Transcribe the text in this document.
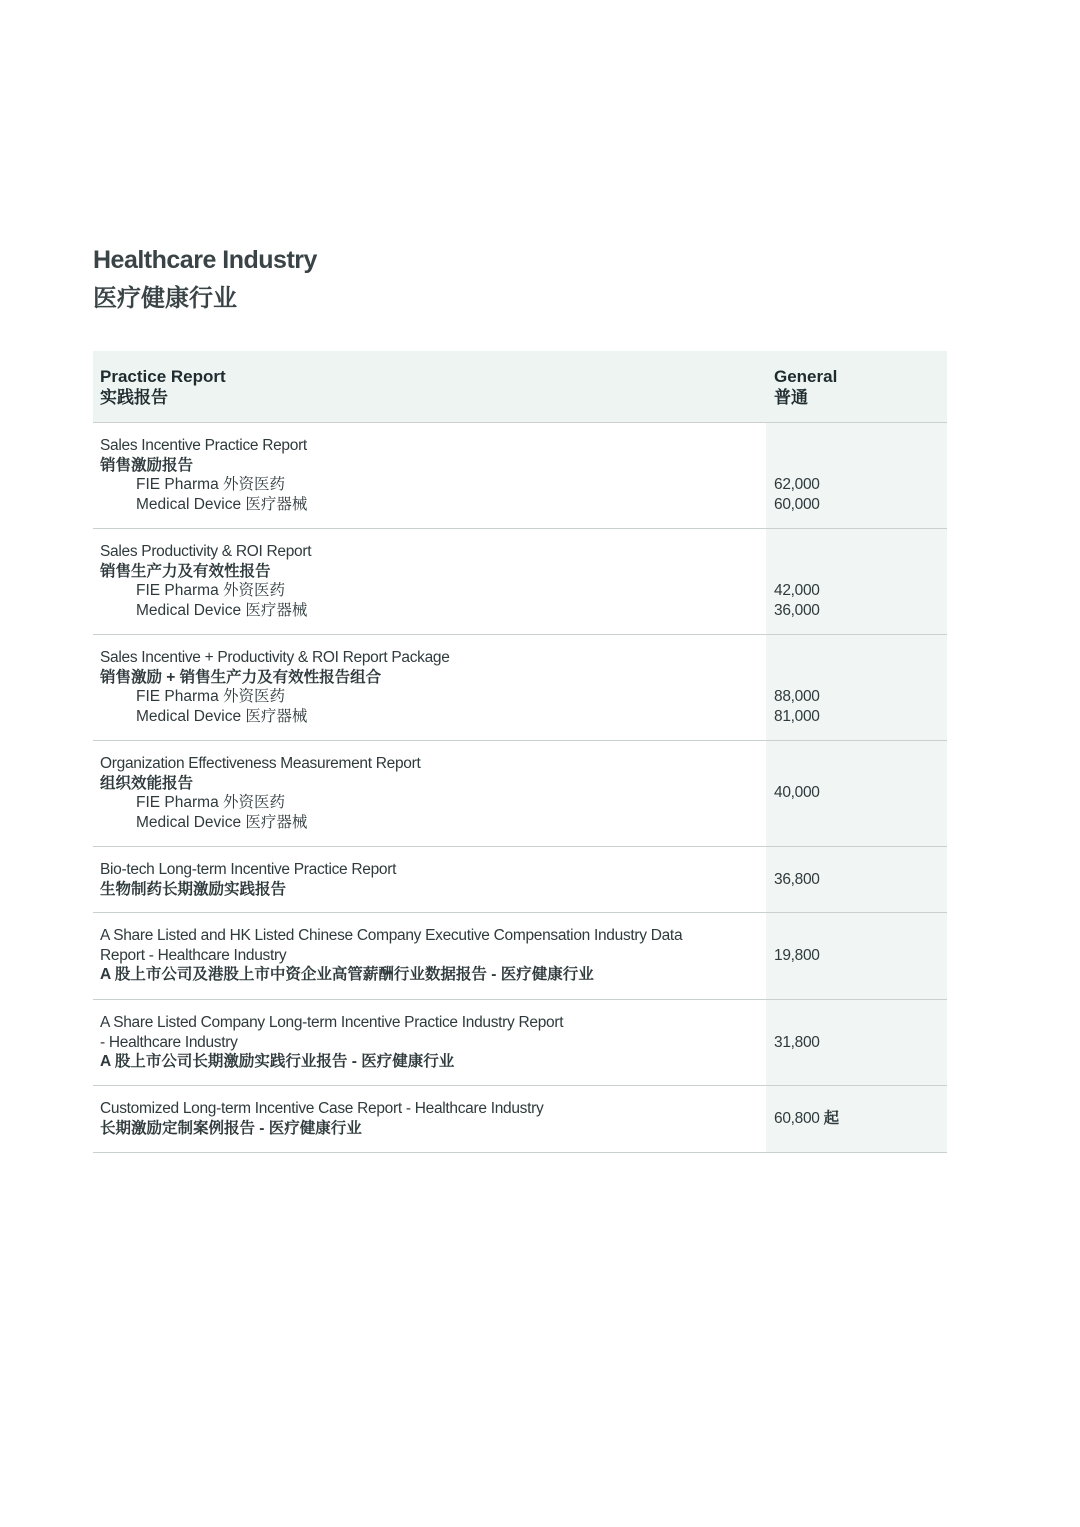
Healthcare Industry
医疗健康行业
Practice Report
实践报告
General
普通
Sales Incentive Practice Report
销售激励报告
FIE Pharma 外资医药
Medical Device 医疗器械
62,000
60,000
Sales Productivity & ROI Report
销售生产力及有效性报告
FIE Pharma 外资医药
Medical Device 医疗器械
42,000
36,000
Sales Incentive + Productivity & ROI Report Package
销售激励 + 销售生产力及有效性报告组合
FIE Pharma 外资医药
Medical Device 医疗器械
88,000
81,000
Organization Effectiveness Measurement Report
组织效能报告
FIE Pharma 外资医药
Medical Device 医疗器械
40,000
Bio-tech Long-term Incentive Practice Report
生物制药长期激励实践报告
36,800
A Share Listed and HK Listed Chinese Company Executive Compensation Industry Data
Report - Healthcare Industry
A 股上市公司及港股上市中资企业高管薪酬行业数据报告 - 医疗健康行业
19,800
A Share Listed Company Long-term Incentive Practice Industry Report
- Healthcare Industry
A 股上市公司长期激励实践行业报告 - 医疗健康行业
31,800
Customized Long-term Incentive Case Report - Healthcare Industry
长期激励定制案例报告 - 医疗健康行业
60,800 起
